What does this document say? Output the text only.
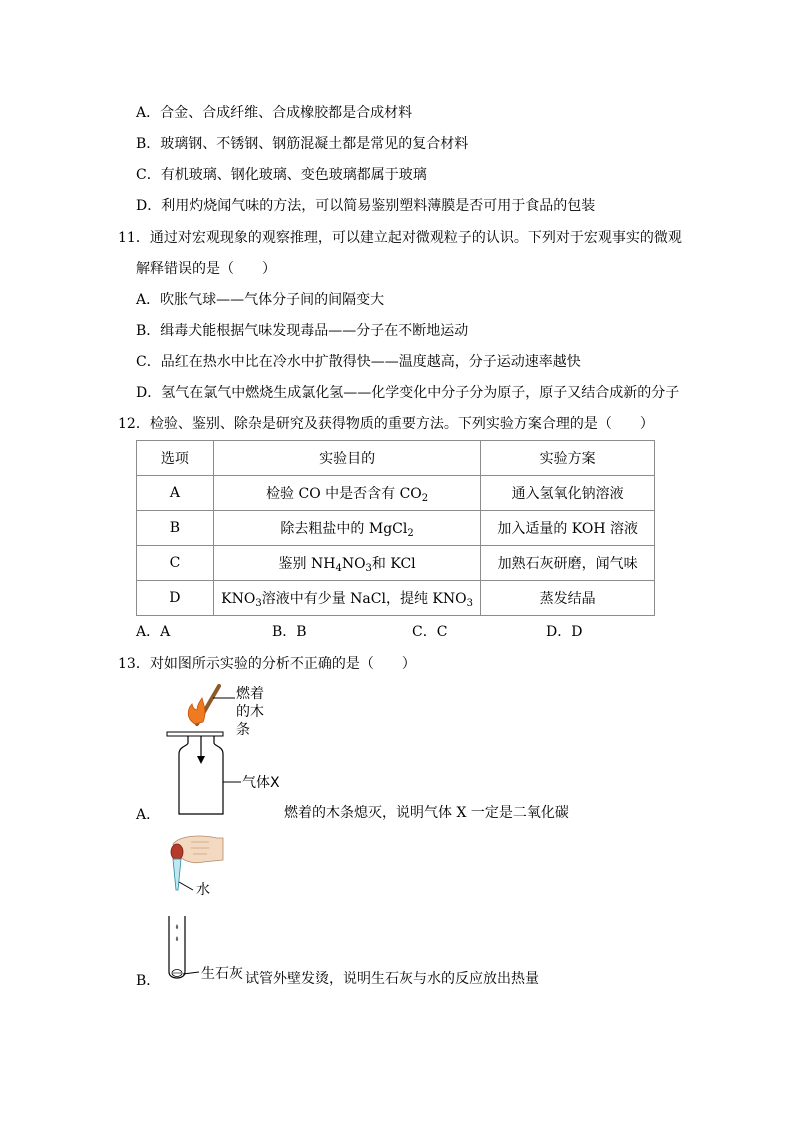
A．合金、合成纤维、合成橡胶都是合成材料
B．玻璃钢、不锈钢、钢筋混凝土都是常见的复合材料
C．有机玻璃、钢化玻璃、变色玻璃都属于玻璃
D．利用灼烧闻气味的方法，可以简易鉴别塑料薄膜是否可用于食品的包装
11．通过对宏观现象的观察推理，可以建立起对微观粒子的认识。下列对于宏观事实的微观
解释错误的是（　　）
A．吹胀气球——气体分子间的间隔变大
B．缉毒犬能根据气味发现毒品——分子在不断地运动
C．品红在热水中比在冷水中扩散得快——温度越高，分子运动速率越快
D．氢气在氯气中燃烧生成氯化氢——化学变化中分子分为原子，原子又结合成新的分子
12．检验、鉴别、除杂是研究及获得物质的重要方法。下列实验方案合理的是（　　）
选项	实验目的	实验方案
A	检验 CO 中是否含有 $CO_2$	通入氢氧化钠溶液
B	除去粗盐中的 MgCl$_2$	加入适量的 KOH 溶液
C	鉴别 $NH_4NO_3$和 KCl	加熟石灰研磨，闻气味
D	$KNO_3$溶液中有少量 NaCl，提纯 $KNO_3$	蒸发结晶
A．A	B．B	C．C	D．D
13．对如图所示实验的分析不正确的是（　　）
燃着
的木
条
气体X
A．	燃着的木条熄灭，说明气体 X 一定是二氧化碳
水
生石灰
B．	试管外壁发烫，说明生石灰与水的反应放出热量
